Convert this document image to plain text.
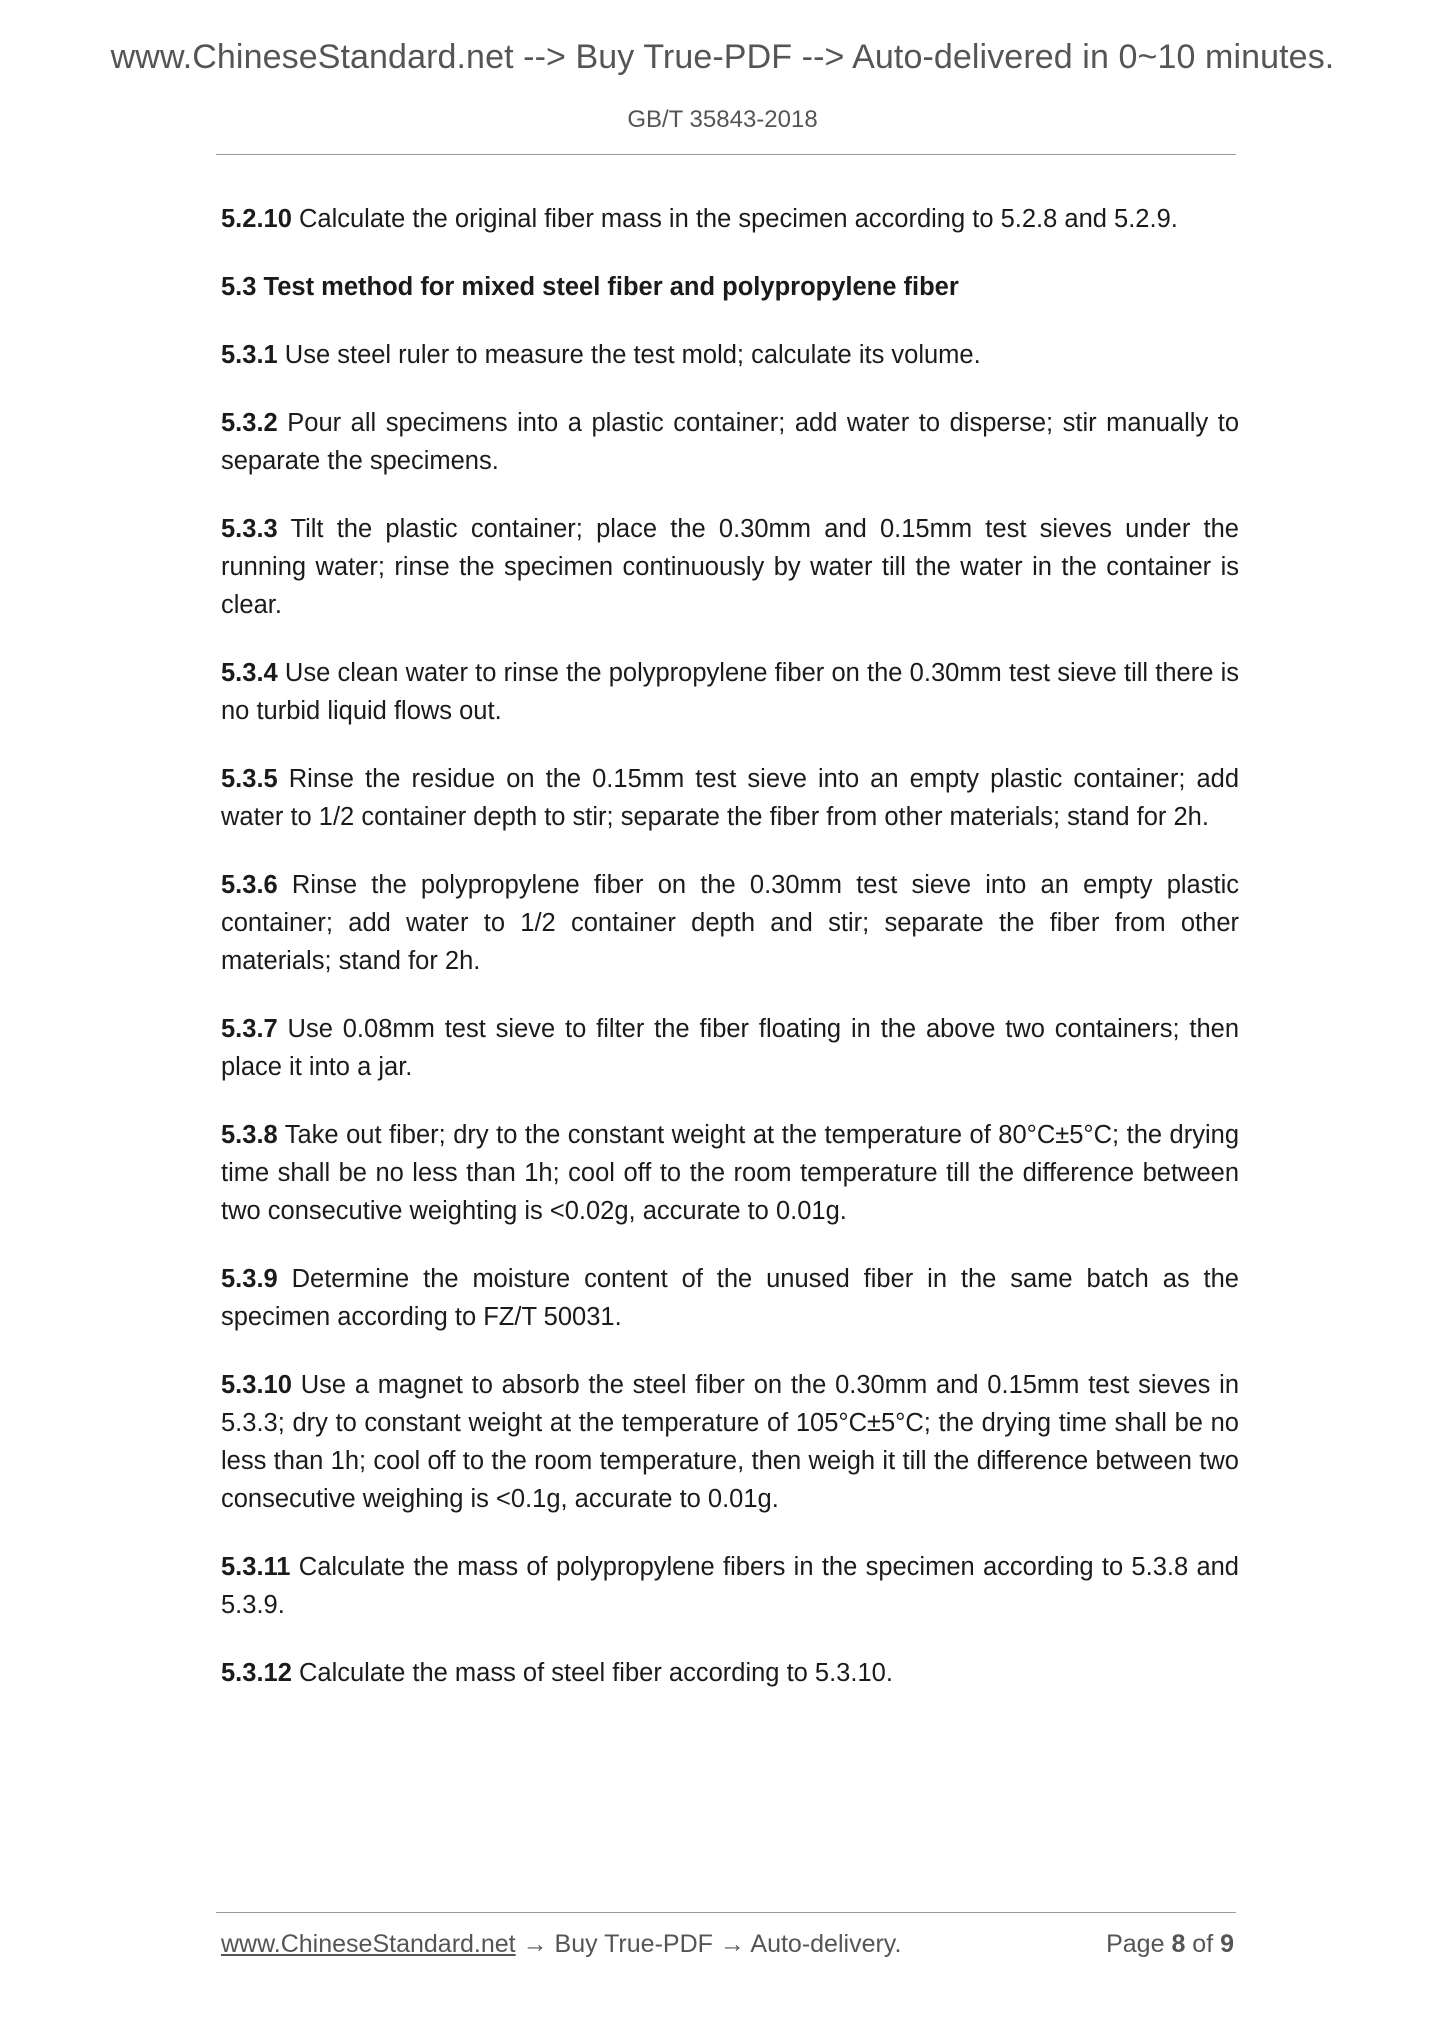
www.ChineseStandard.net --> Buy True-PDF --> Auto-delivered in 0~10 minutes.
GB/T 35843-2018

5.2.10 Calculate the original fiber mass in the specimen according to 5.2.8 and 5.2.9.

5.3 Test method for mixed steel fiber and polypropylene fiber

5.3.1 Use steel ruler to measure the test mold; calculate its volume.

5.3.2 Pour all specimens into a plastic container; add water to disperse; stir manually to separate the specimens.

5.3.3 Tilt the plastic container; place the 0.30mm and 0.15mm test sieves under the running water; rinse the specimen continuously by water till the water in the container is clear.

5.3.4 Use clean water to rinse the polypropylene fiber on the 0.30mm test sieve till there is no turbid liquid flows out.

5.3.5 Rinse the residue on the 0.15mm test sieve into an empty plastic container; add water to 1/2 container depth to stir; separate the fiber from other materials; stand for 2h.

5.3.6 Rinse the polypropylene fiber on the 0.30mm test sieve into an empty plastic container; add water to 1/2 container depth and stir; separate the fiber from other materials; stand for 2h.

5.3.7 Use 0.08mm test sieve to filter the fiber floating in the above two containers; then place it into a jar.

5.3.8 Take out fiber; dry to the constant weight at the temperature of 80°C±5°C; the drying time shall be no less than 1h; cool off to the room temperature till the difference between two consecutive weighting is <0.02g, accurate to 0.01g.

5.3.9 Determine the moisture content of the unused fiber in the same batch as the specimen according to FZ/T 50031.

5.3.10 Use a magnet to absorb the steel fiber on the 0.30mm and 0.15mm test sieves in 5.3.3; dry to constant weight at the temperature of 105°C±5°C; the drying time shall be no less than 1h; cool off to the room temperature, then weigh it till the difference between two consecutive weighing is <0.1g, accurate to 0.01g.

5.3.11 Calculate the mass of polypropylene fibers in the specimen according to 5.3.8 and 5.3.9.

5.3.12 Calculate the mass of steel fiber according to 5.3.10.

www.ChineseStandard.net → Buy True-PDF → Auto-delivery.	Page 8 of 9
